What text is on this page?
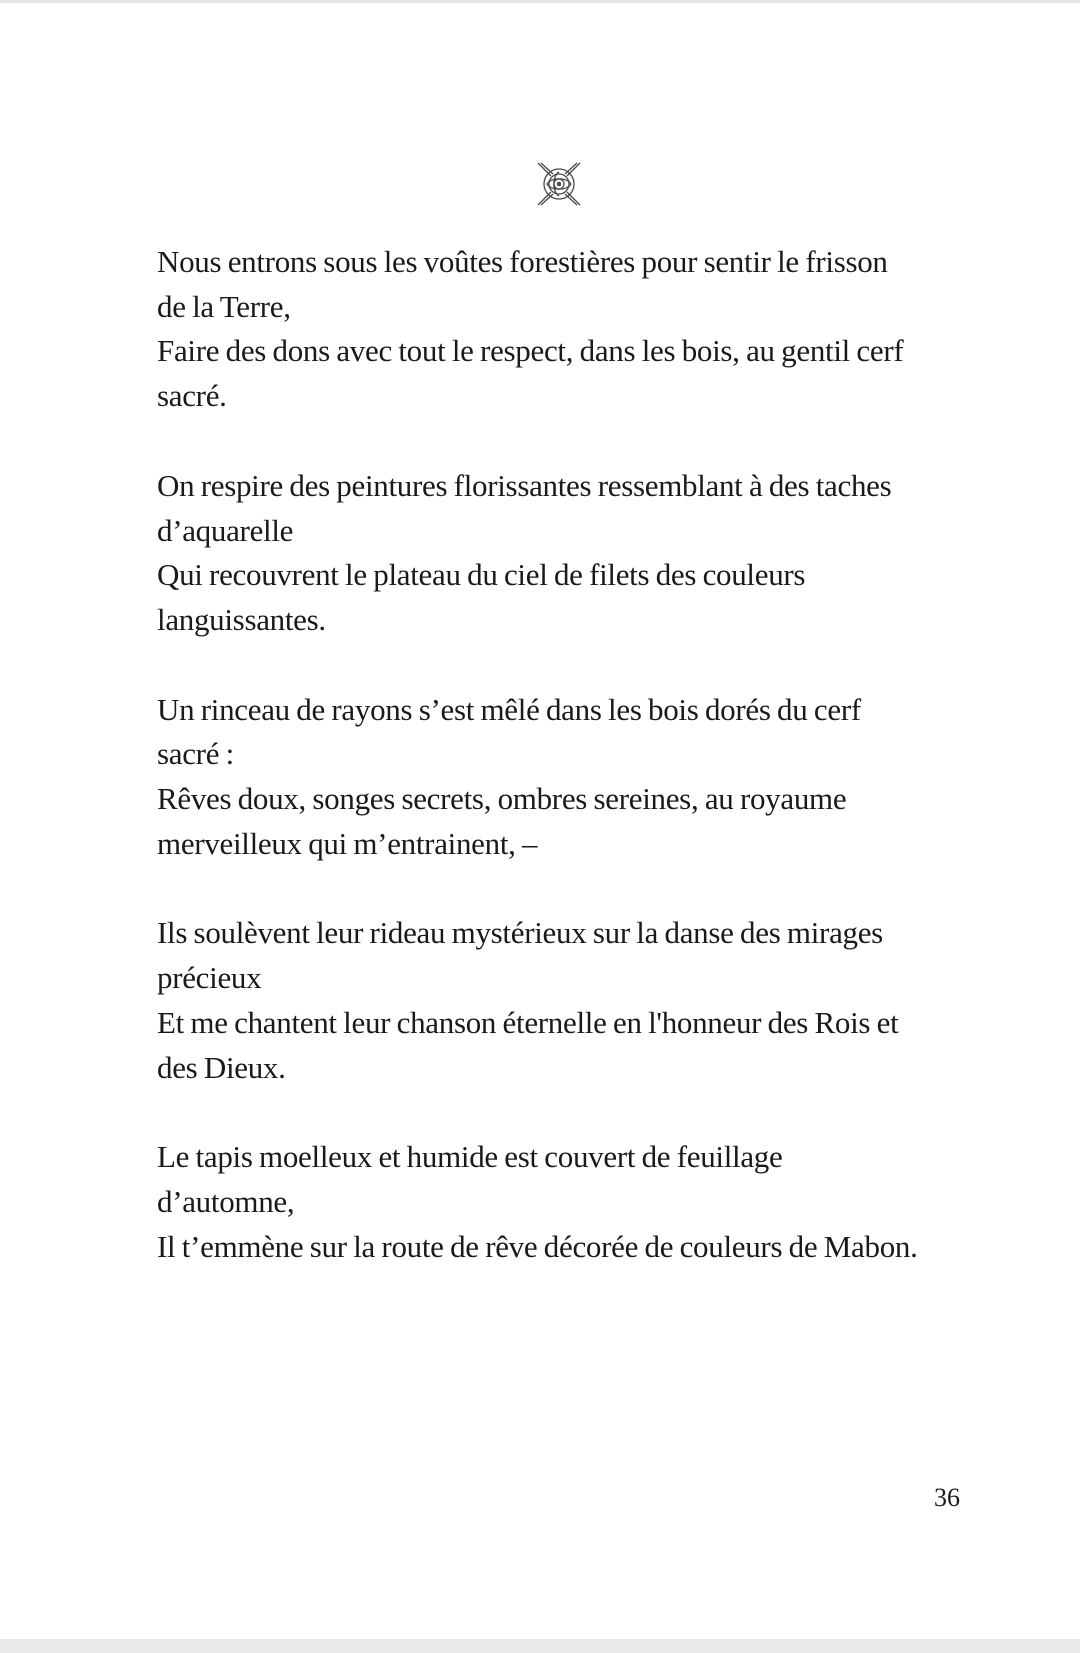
Nous entrons sous les voûtes forestières pour sentir le frisson
de la Terre,
Faire des dons avec tout le respect, dans les bois, au gentil cerf
sacré.
On respire des peintures florissantes ressemblant à des taches
d’aquarelle
Qui recouvrent le plateau du ciel de filets des couleurs
languissantes.
Un rinceau de rayons s’est mêlé dans les bois dorés du cerf
sacré :
Rêves doux, songes secrets, ombres sereines, au royaume
merveilleux qui m’entrainent, –
Ils soulèvent leur rideau mystérieux sur la danse des mirages
précieux
Et me chantent leur chanson éternelle en l'honneur des Rois et
des Dieux.
Le tapis moelleux et humide est couvert de feuillage
d’automne,
Il t’emmène sur la route de rêve décorée de couleurs de Mabon.
36
